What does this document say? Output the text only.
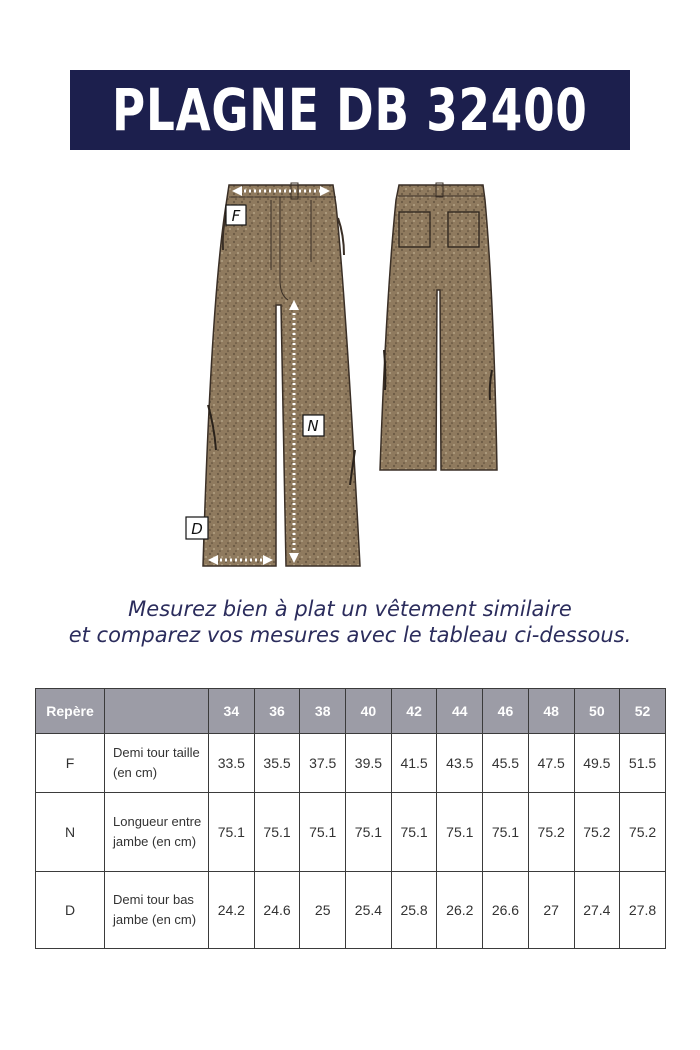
PLAGNE DB 32400
F
N
D
Mesurez bien à plat un vêtement similaire
et comparez vos mesures avec le tableau ci-dessous.
Repère		34	36	38	40	42	44	46	48	50	52
F	Demi tour taille (en cm)	33.5	35.5	37.5	39.5	41.5	43.5	45.5	47.5	49.5	51.5
N	Longueur entre jambe (en cm)	75.1	75.1	75.1	75.1	75.1	75.1	75.1	75.2	75.2	75.2
D	Demi tour bas jambe (en cm)	24.2	24.6	25	25.4	25.8	26.2	26.6	27	27.4	27.8
